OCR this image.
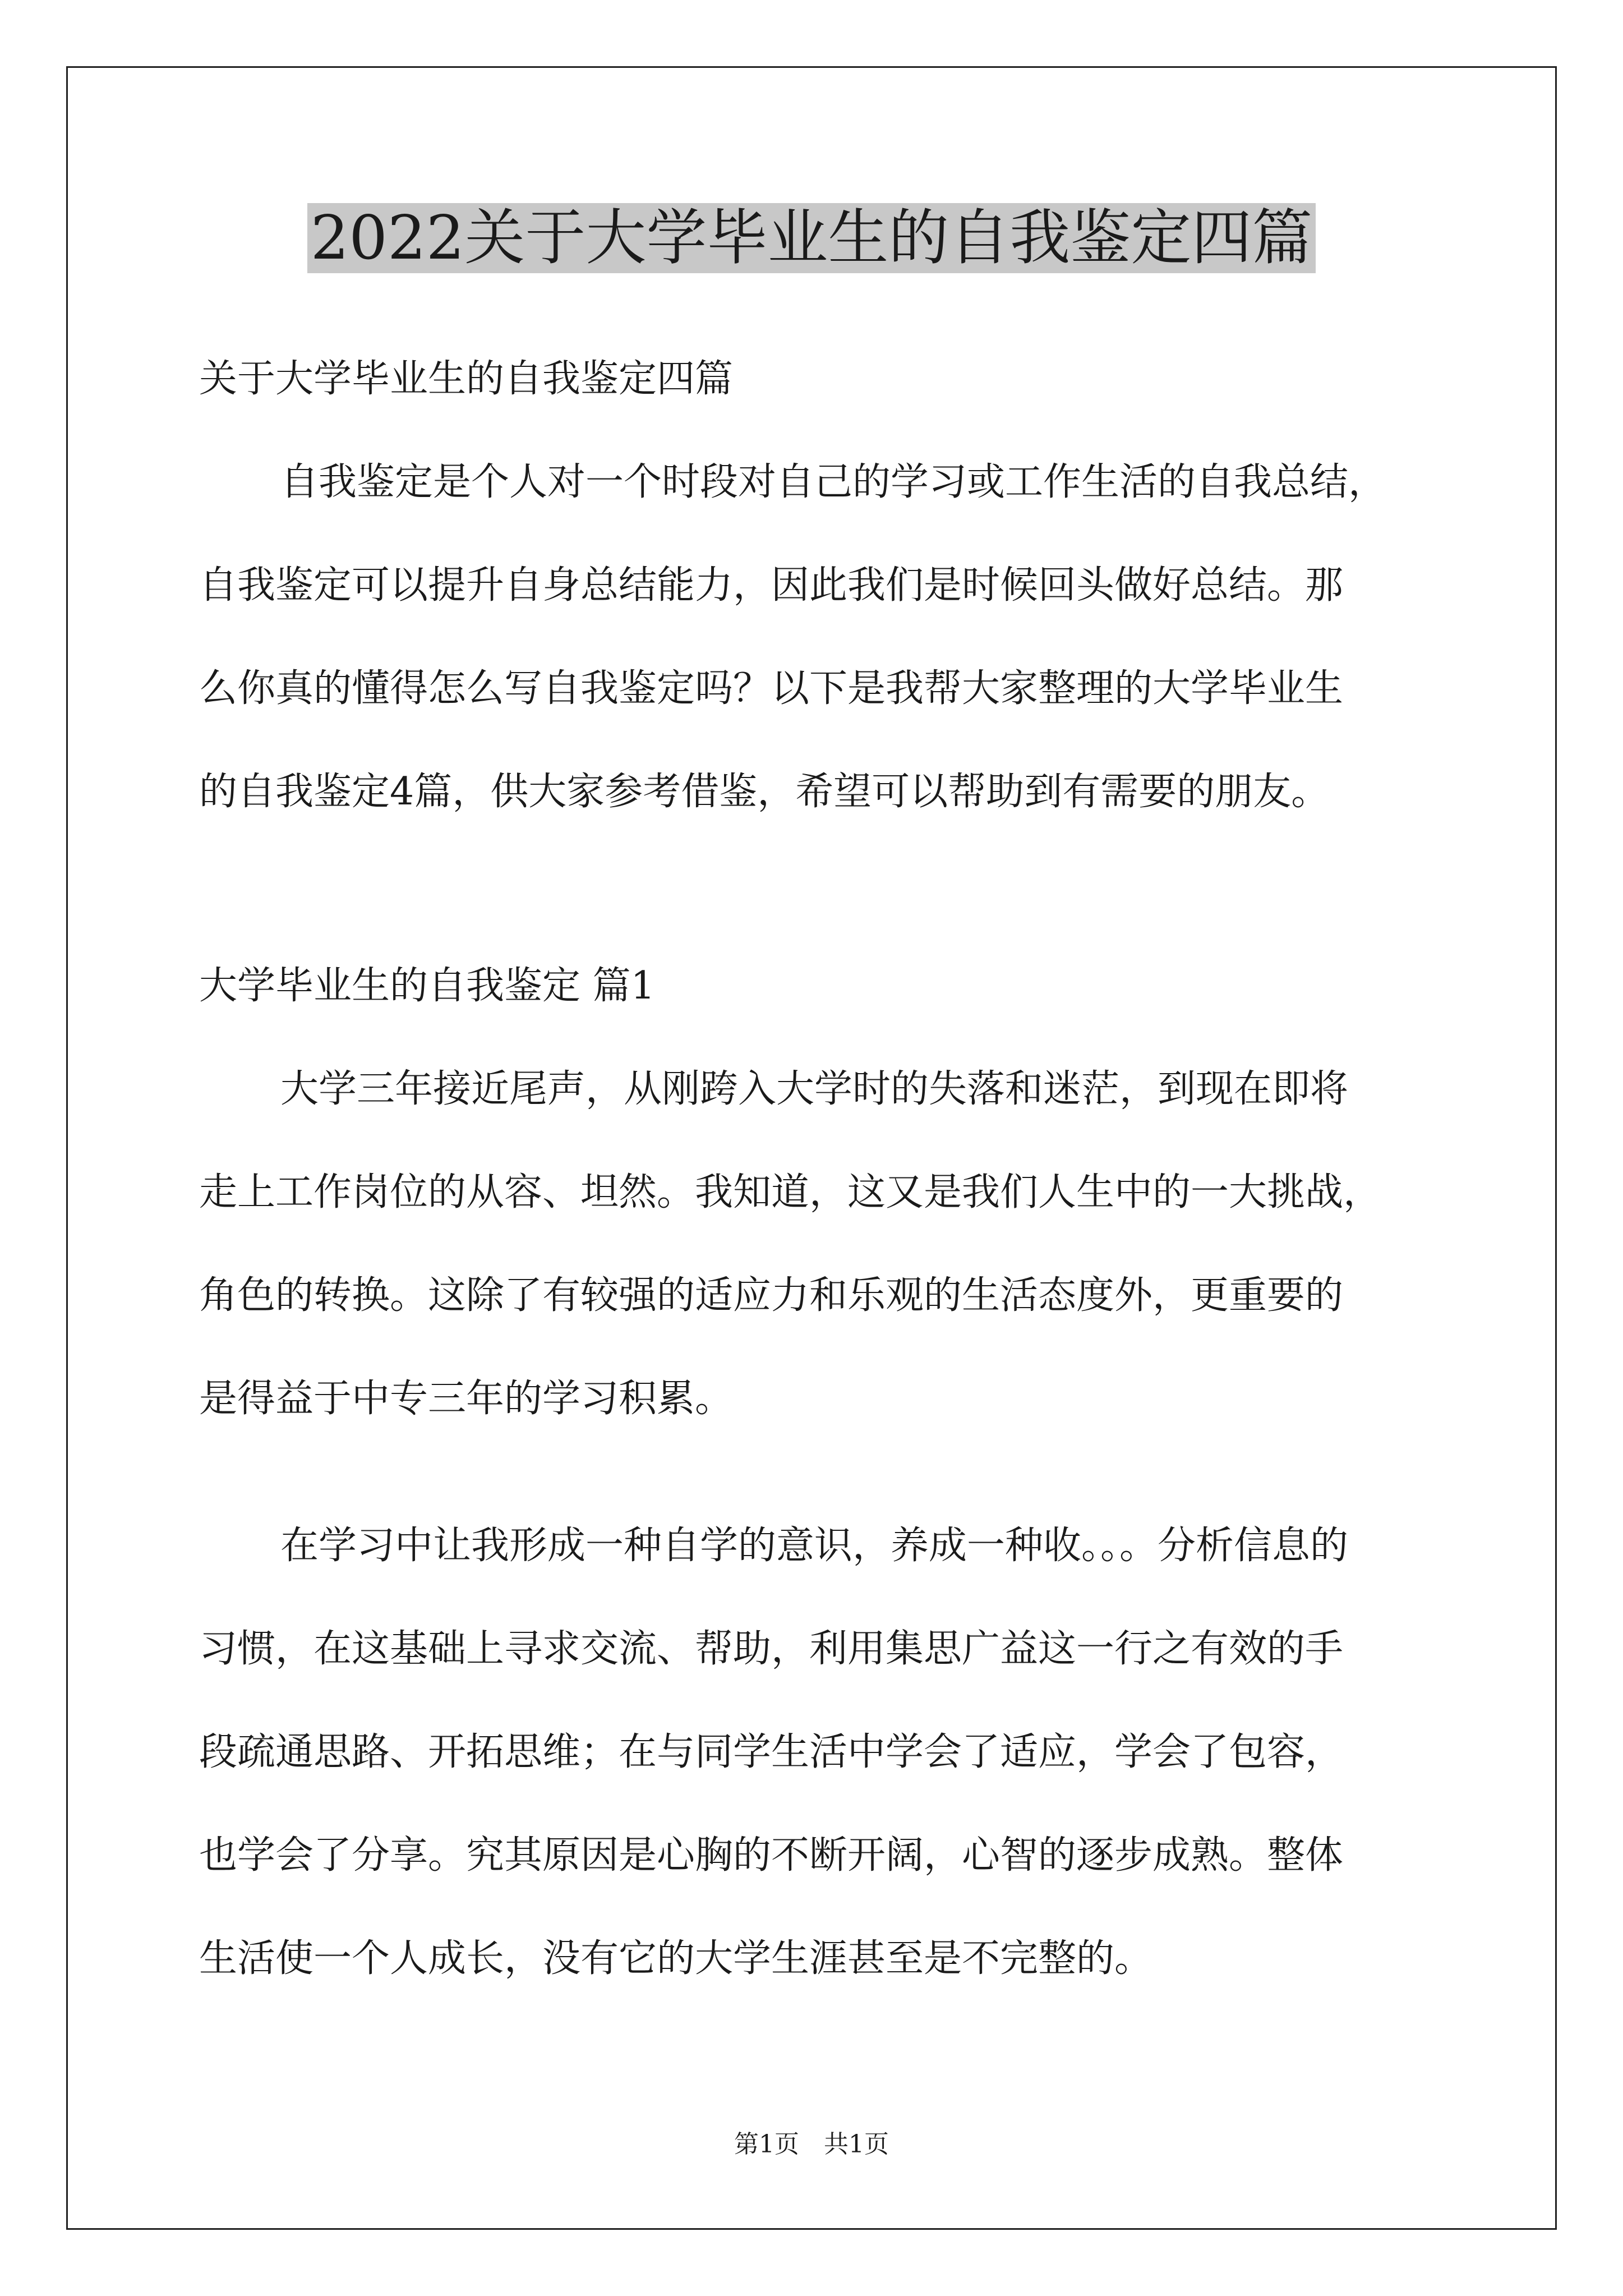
2022关于大学毕业生的自我鉴定四篇

关于大学毕业生的自我鉴定四篇

自我鉴定是个人对一个时段对自己的学习或工作生活的自我总结，

自我鉴定可以提升自身总结能力，因此我们是时候回头做好总结。那

么你真的懂得怎么写自我鉴定吗？以下是我帮大家整理的大学毕业生

的自我鉴定4篇，供大家参考借鉴，希望可以帮助到有需要的朋友。

大学毕业生的自我鉴定 篇1

大学三年接近尾声，从刚跨入大学时的失落和迷茫，到现在即将

走上工作岗位的从容、坦然。我知道，这又是我们人生中的一大挑战，

角色的转换。这除了有较强的适应力和乐观的生活态度外，更重要的

是得益于中专三年的学习积累。

在学习中让我形成一种自学的意识，养成一种收。。。分析信息的

习惯，在这基础上寻求交流、帮助，利用集思广益这一行之有效的手

段疏通思路、开拓思维；在与同学生活中学会了适应，学会了包容，

也学会了分享。究其原因是心胸的不断开阔，心智的逐步成熟。整体

生活使一个人成长，没有它的大学生涯甚至是不完整的。

第1页　共1页
